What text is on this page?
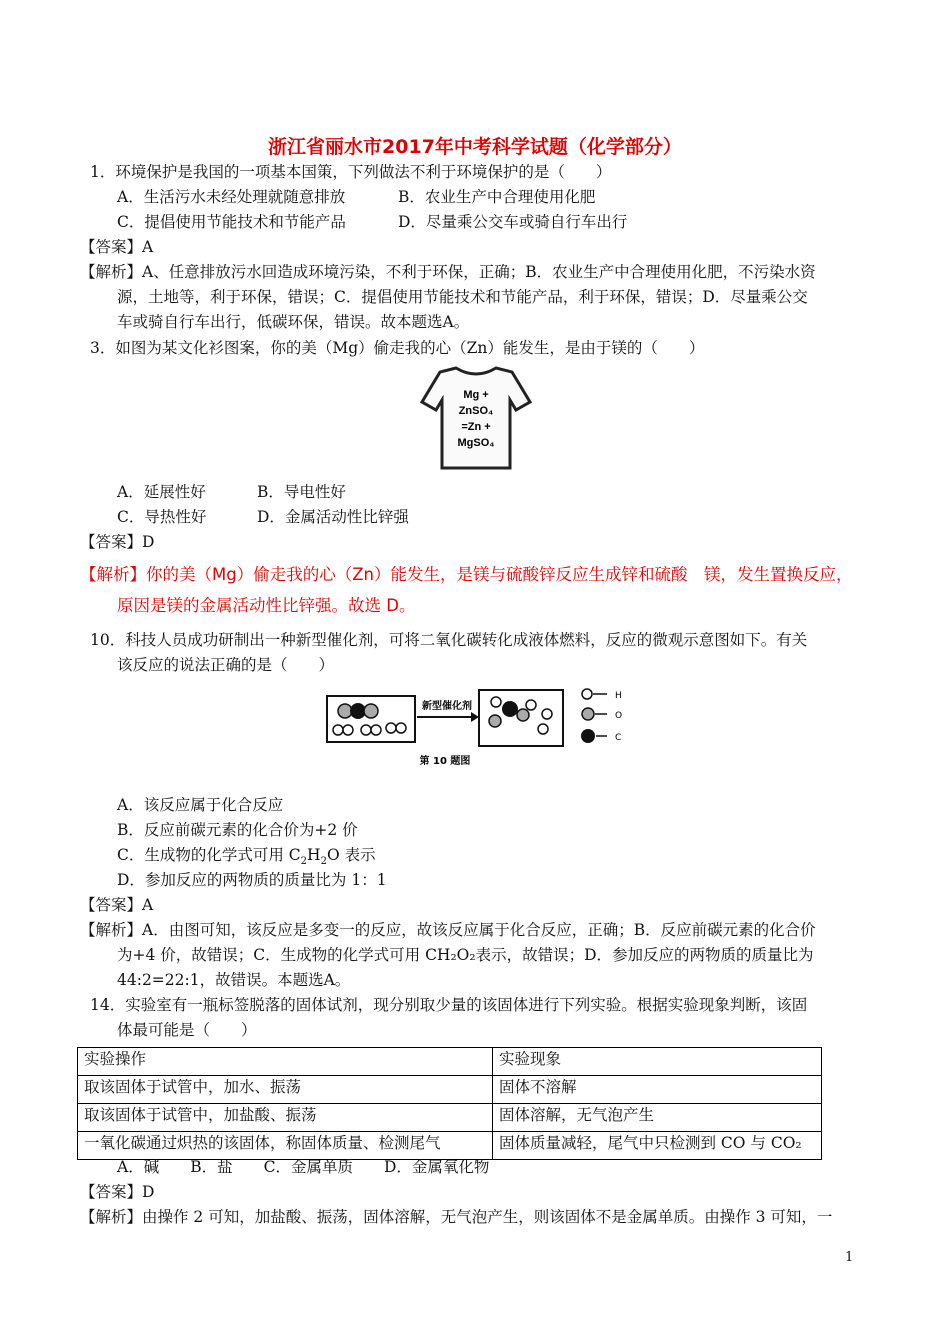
浙江省丽水市2017年中考科学试题（化学部分）
1．环境保护是我国的一项基本国策，下列做法不利于环境保护的是（　　）
A．生活污水未经处理就随意排放	B．农业生产中合理使用化肥
C．提倡使用节能技术和节能产品	D．尽量乘公交车或骑自行车出行
【答案】A
【解析】A、任意排放污水回造成环境污染，不利于环保，正确；B．农业生产中合理使用化肥，不污染水资
源，土地等，利于环保，错误；C．提倡使用节能技术和节能产品，利于环保，错误；D．尽量乘公交
车或骑自行车出行，低碳环保，错误。故本题选A。
3．如图为某文化衫图案，你的美（Mg）偷走我的心（Zn）能发生，是由于镁的（　　）
Mg +
ZnSO₄
=Zn +
MgSO₄
A．延展性好	B．导电性好
C．导热性好	D．金属活动性比锌强
【答案】D
【解析】你的美（Mg）偷走我的心（Zn）能发生，是镁与硫酸锌反应生成锌和硫酸　镁，发生置换反应，
原因是镁的金属活动性比锌强。故选 D。
10．科技人员成功研制出一种新型催化剂，可将二氧化碳转化成液体燃料，反应的微观示意图如下。有关
该反应的说法正确的是（　　）
新型催化剂
H
O
C
第 10 题图
A．该反应属于化合反应
B．反应前碳元素的化合价为+2 价
C．生成物的化学式可用 $C_2H_2O$ 表示
D．参加反应的两物质的质量比为 1：1
【答案】A
【解析】A．由图可知，该反应是多变一的反应，故该反应属于化合反应，正确；B．反应前碳元素的化合价
为+4 价，故错误；C．生成物的化学式可用 CH₂O₂表示，故错误；D．参加反应的两物质的质量比为
44:2=22:1，故错误。本题选A。
14．实验室有一瓶标签脱落的固体试剂，现分别取少量的该固体进行下列实验。根据实验现象判断，该固
体最可能是（　　）
实验操作	实验现象
取该固体于试管中，加水、振荡	固体不溶解
取该固体于试管中，加盐酸、振荡	固体溶解，无气泡产生
一氧化碳通过炽热的该固体，称固体质量、检测尾气	固体质量减轻，尾气中只检测到 CO 与 CO₂
A．碱　　B．盐　　C．金属单质　　D．金属氧化物
【答案】D
【解析】由操作 2 可知，加盐酸、振荡，固体溶解，无气泡产生，则该固体不是金属单质。由操作 3 可知，一
1
